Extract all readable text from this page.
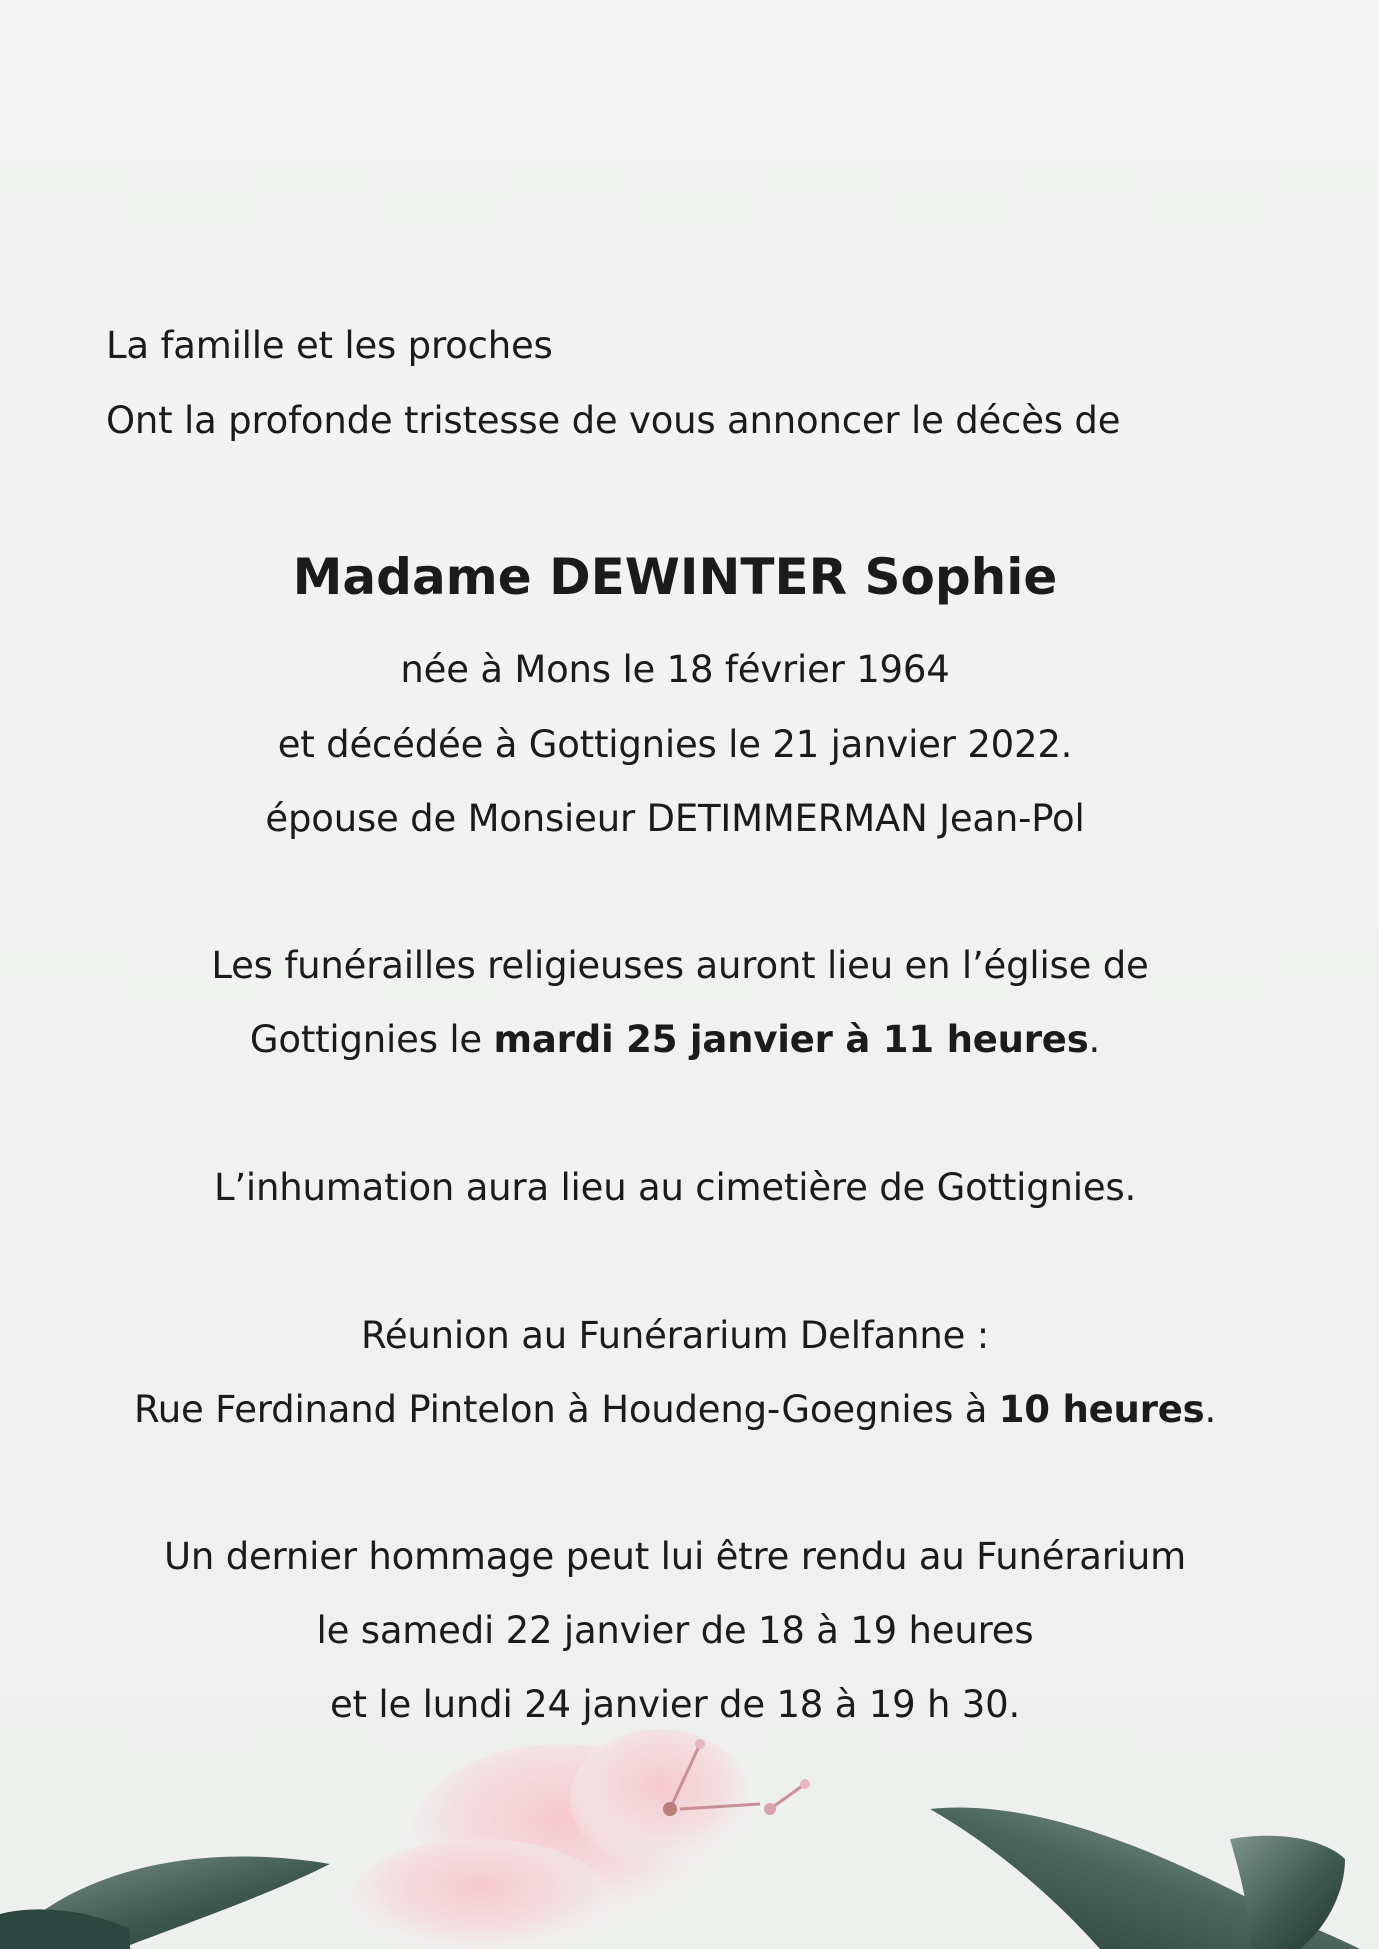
La famille et les proches
Ont la profonde tristesse de vous annoncer le décès de
Madame DEWINTER Sophie
née à Mons le 18 février 1964
et décédée à Gottignies le 21 janvier 2022.
épouse de Monsieur DETIMMERMAN Jean-Pol
Les funérailles religieuses auront lieu en l’église de
Gottignies le mardi 25 janvier à 11 heures.
L’inhumation aura lieu au cimetière de Gottignies.
Réunion au Funérarium Delfanne :
Rue Ferdinand Pintelon à Houdeng-Goegnies à 10 heures.
Un dernier hommage peut lui être rendu au Funérarium
le samedi 22 janvier de 18 à 19 heures
et le lundi 24 janvier de 18 à 19 h 30.
